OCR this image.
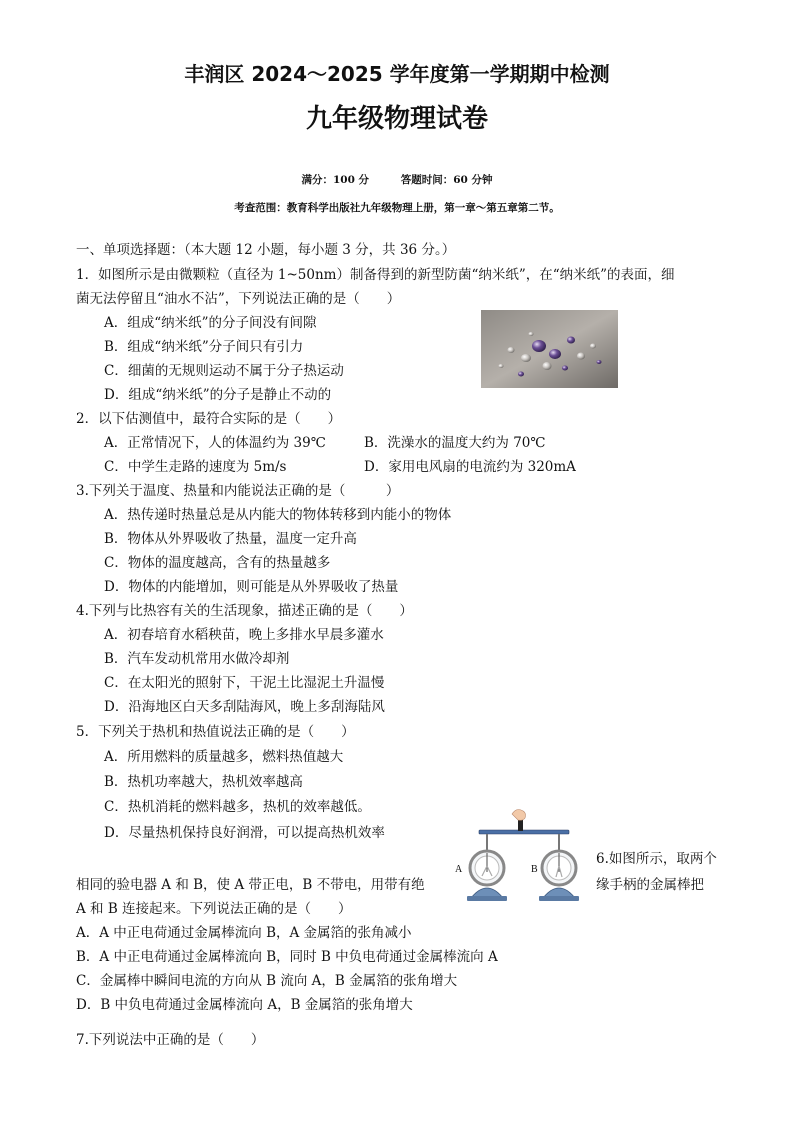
丰润区 2024～2025 学年度第一学期期中检测
九年级物理试卷
满分：100 分	答题时间：60 分钟
考查范围：教育科学出版社九年级物理上册，第一章～第五章第二节。
一、单项选择题：（本大题 12 小题，每小题 3 分，共 36 分。）
1．如图所示是由微颗粒（直径为 1~50nm）制备得到的新型防菌“纳米纸”，在“纳米纸”的表面，细
菌无法停留且“油水不沾”，下列说法正确的是（　　）
A．组成“纳米纸”的分子间没有间隙
B．组成“纳米纸”分子间只有引力
C．细菌的无规则运动不属于分子热运动
D．组成“纳米纸”的分子是静止不动的
2．以下估测值中，最符合实际的是（　　）
A．正常情况下，人的体温约为 39℃	B．洗澡水的温度大约为 70℃
C．中学生走路的速度为 5m/s	D．家用电风扇的电流约为 320mA
3.下列关于温度、热量和内能说法正确的是（　　　）
A．热传递时热量总是从内能大的物体转移到内能小的物体
B．物体从外界吸收了热量，温度一定升高
C．物体的温度越高，含有的热量越多
D．物体的内能增加，则可能是从外界吸收了热量
4.下列与比热容有关的生活现象，描述正确的是（　　）
A．初春培育水稻秧苗，晚上多排水早晨多灌水
B．汽车发动机常用水做冷却剂
C．在太阳光的照射下，干泥土比湿泥土升温慢
D．沿海地区白天多刮陆海风，晚上多刮海陆风
5．下列关于热机和热值说法正确的是（　　）
A．所用燃料的质量越多，燃料热值越大
B．热机功率越大，热机效率越高
C．热机消耗的燃料越多，热机的效率越低。
D．尽量热机保持良好润滑，可以提高热机效率
A	B
6.如图所示，取两个
缘手柄的金属棒把
相同的验电器 A 和 B，使 A 带正电，B 不带电，用带有绝
A 和 B 连接起来。下列说法正确的是（　　）
A．A 中正电荷通过金属棒流向 B，A 金属箔的张角减小
B．A 中正电荷通过金属棒流向 B，同时 B 中负电荷通过金属棒流向 A
C．金属棒中瞬间电流的方向从 B 流向 A，B 金属箔的张角增大
D．B 中负电荷通过金属棒流向 A，B 金属箔的张角增大
7.下列说法中正确的是（　　）
